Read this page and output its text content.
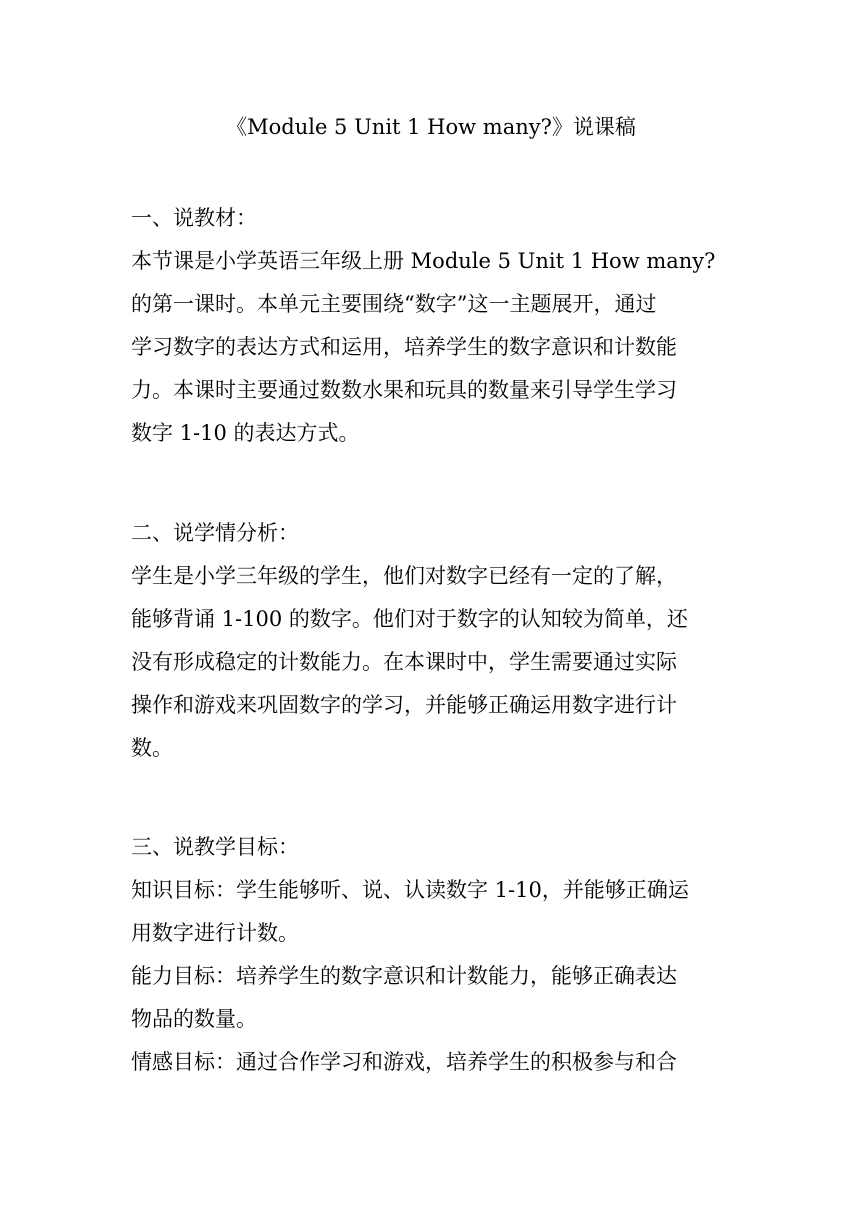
《Module 5 Unit 1 How many?》说课稿
一、说教材：
本节课是小学英语三年级上册 Module 5 Unit 1 How many?
的第一课时。本单元主要围绕“数字”这一主题展开，通过
学习数字的表达方式和运用，培养学生的数字意识和计数能
力。本课时主要通过数数水果和玩具的数量来引导学生学习
数字 1-10 的表达方式。
二、说学情分析：
学生是小学三年级的学生，他们对数字已经有一定的了解，
能够背诵 1-100 的数字。他们对于数字的认知较为简单，还
没有形成稳定的计数能力。在本课时中，学生需要通过实际
操作和游戏来巩固数字的学习，并能够正确运用数字进行计
数。
三、说教学目标：
知识目标：学生能够听、说、认读数字 1-10，并能够正确运
用数字进行计数。
能力目标：培养学生的数字意识和计数能力，能够正确表达
物品的数量。
情感目标：通过合作学习和游戏，培养学生的积极参与和合
